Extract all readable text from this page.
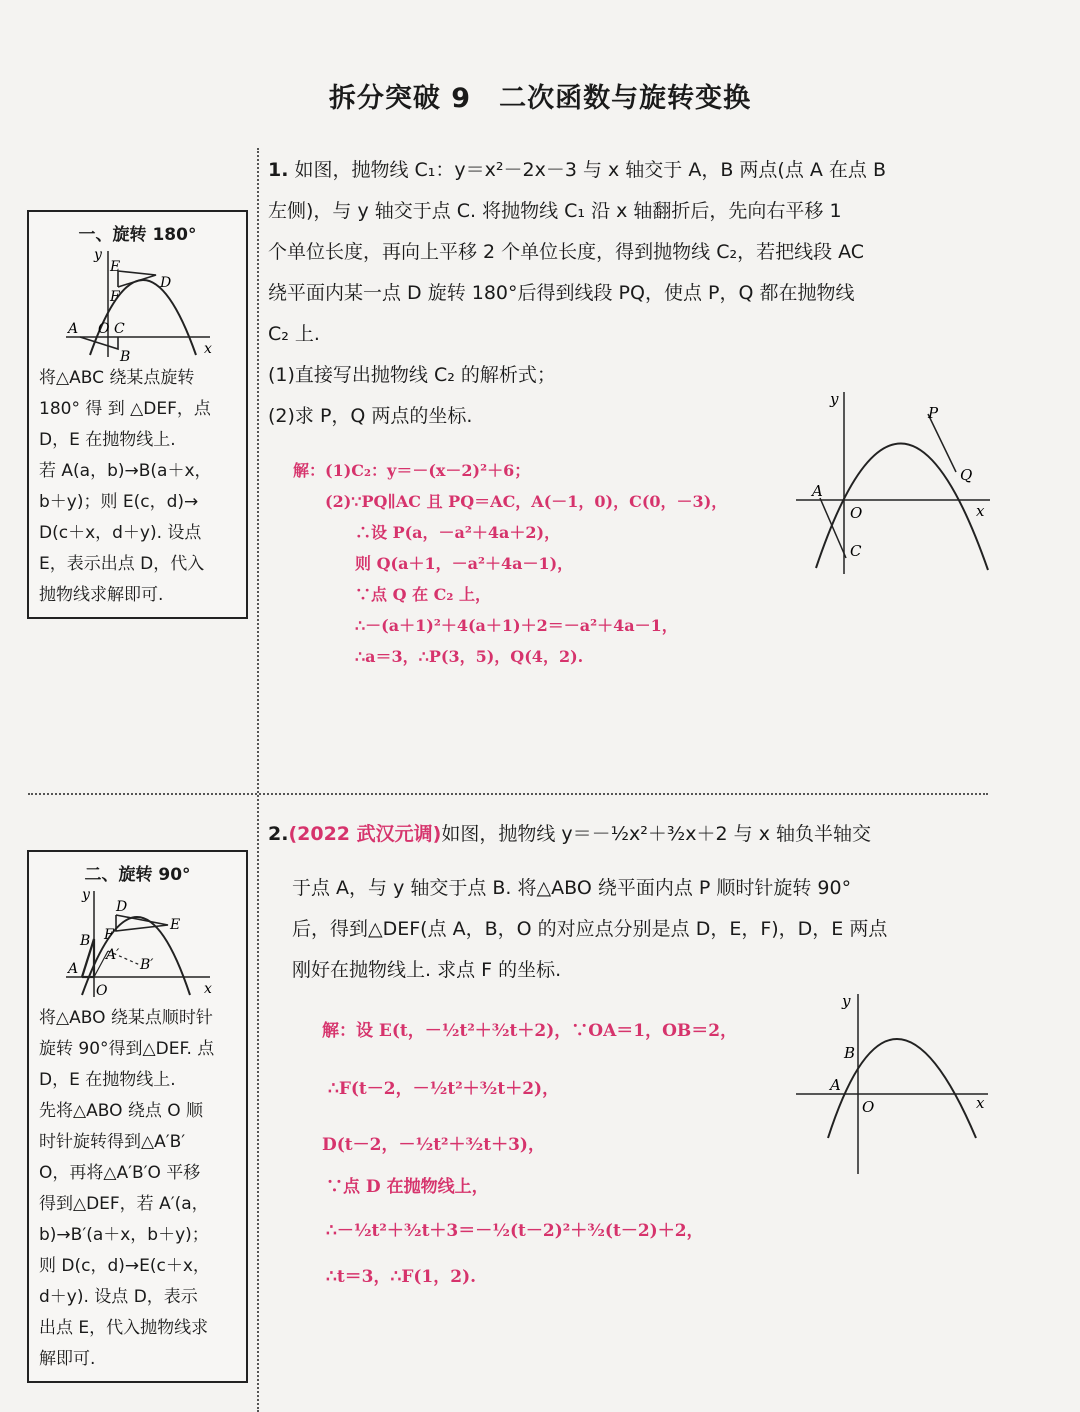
拆分突破 9　二次函数与旋转变换
一、旋转 180°
y
x
E
F
D
A O C
B
将△ABC 绕某点旋转
180° 得 到 △DEF，点
D，E 在抛物线上.
若 A(a，b)→B(a＋x，
b＋y)；则 E(c，d)→
D(c＋x，d＋y). 设点
E，表示出点 D，代入
抛物线求解即可.
二、旋转 90°
y
x
D
E
B F
A′
B′
A
O
将△ABO 绕某点顺时针
旋转 90°得到△DEF. 点
D，E 在抛物线上.
先将△ABO 绕点 O 顺
时针旋转得到△A′B′
O，再将△A′B′O 平移
得到△DEF，若 A′(a，
b)→B′(a＋x，b＋y)；
则 D(c，d)→E(c＋x，
d＋y). 设点 D，表示
出点 E，代入抛物线求
解即可.
1. 如图，抛物线 C₁：y＝x²－2x－3 与 x 轴交于 A，B 两点(点 A 在点 B
左侧)，与 y 轴交于点 C. 将抛物线 C₁ 沿 x 轴翻折后，先向右平移 1
个单位长度，再向上平移 2 个单位长度，得到抛物线 C₂，若把线段 AC
绕平面内某一点 D 旋转 180°后得到线段 PQ，使点 P，Q 都在抛物线
C₂ 上.
(1)直接写出抛物线 C₂ 的解析式；
(2)求 P，Q 两点的坐标.

解：(1)C₂：y＝－(x－2)²＋6；

(2)∵PQ∥AC 且 PQ＝AC，A(－1，0)，C(0，－3)，

∴设 P(a，－a²＋4a＋2)，

则 Q(a＋1，－a²＋4a－1)，

∵点 Q 在 C₂ 上，

∴－(a＋1)²＋4(a＋1)＋2＝－a²＋4a－1，

∴a＝3，∴P(3，5)，Q(4，2).

y
x
P
Q
A
O
C
2.(2022 武汉元调)如图，抛物线 y＝－½x²＋³⁄₂x＋2 与 x 轴负半轴交
于点 A，与 y 轴交于点 B. 将△ABO 绕平面内点 P 顺时针旋转 90°
后，得到△DEF(点 A，B，O 的对应点分别是点 D，E，F)，D，E 两点
刚好在抛物线上. 求点 F 的坐标.

解：设 E(t，－½t²＋³⁄₂t＋2)，∵OA＝1，OB＝2，

∴F(t－2，－½t²＋³⁄₂t＋2)，

D(t－2，－½t²＋³⁄₂t＋3)，

∵点 D 在抛物线上，

∴－½t²＋³⁄₂t＋3＝－½(t－2)²＋³⁄₂(t－2)＋2，

∴t＝3，∴F(1，2).

y
x
B
A
O
